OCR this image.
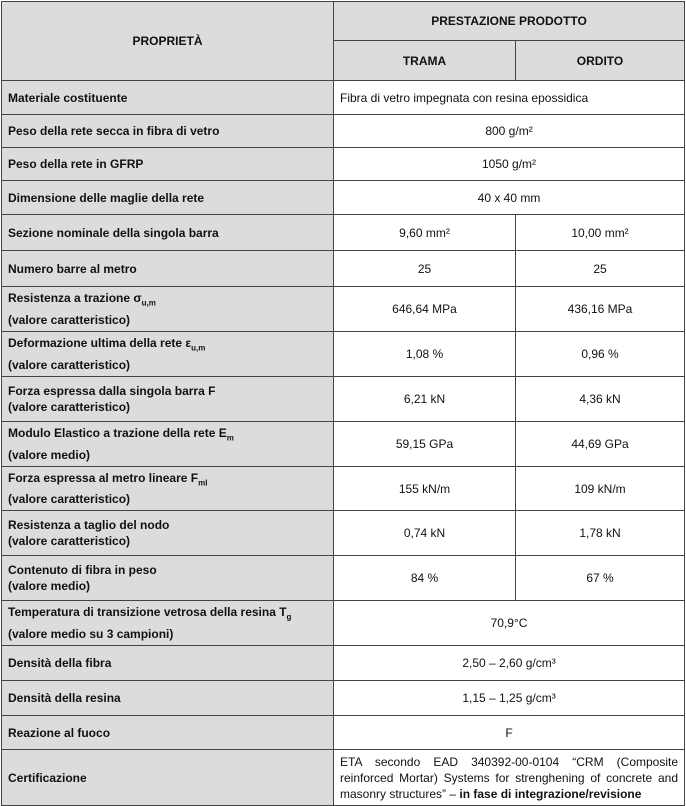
PROPRIETÀ	PRESTAZIONE PRODOTTO	
	TRAMA	ORDITO
Materiale costituente	Fibra di vetro impegnata con resina epossidica	
Peso della rete secca in fibra di vetro	800 g/m²	
Peso della rete in GFRP	1050 g/m²	
Dimensione delle maglie della rete	40 x 40 mm	
Sezione nominale della singola barra	9,60 mm²	10,00 mm²
Numero barre al metro	25	25
Resistenza a trazione $\sigma_{u,m}$
(valore caratteristico)	646,64 MPa	436,16 MPa
Deformazione ultima della rete $\varepsilon_{u,m}$
(valore caratteristico)	1,08 %	0,96 %
Forza espressa dalla singola barra F
(valore caratteristico)	6,21 kN	4,36 kN
Modulo Elastico a trazione della rete $E_m$
(valore medio)	59,15 GPa	44,69 GPa
Forza espressa al metro lineare $F_{ml}$
(valore caratteristico)	155 kN/m	109 kN/m
Resistenza a taglio del nodo
(valore caratteristico)	0,74 kN	1,78 kN
Contenuto di fibra in peso
(valore medio)	84 %	67 %
Temperatura di transizione vetrosa della resina $T_g$ (valore medio su 3 campioni)	70,9°C	
Densità della fibra	2,50 – 2,60 g/cm³	
Densità della resina	1,15 – 1,25 g/cm³	
Reazione al fuoco	F	
Certificazione	ETA secondo EAD 340392-00-0104 “CRM (Composite reinforced Mortar) Systems for strenghening of concrete and masonry structures” – in fase di integrazione/revisione	
